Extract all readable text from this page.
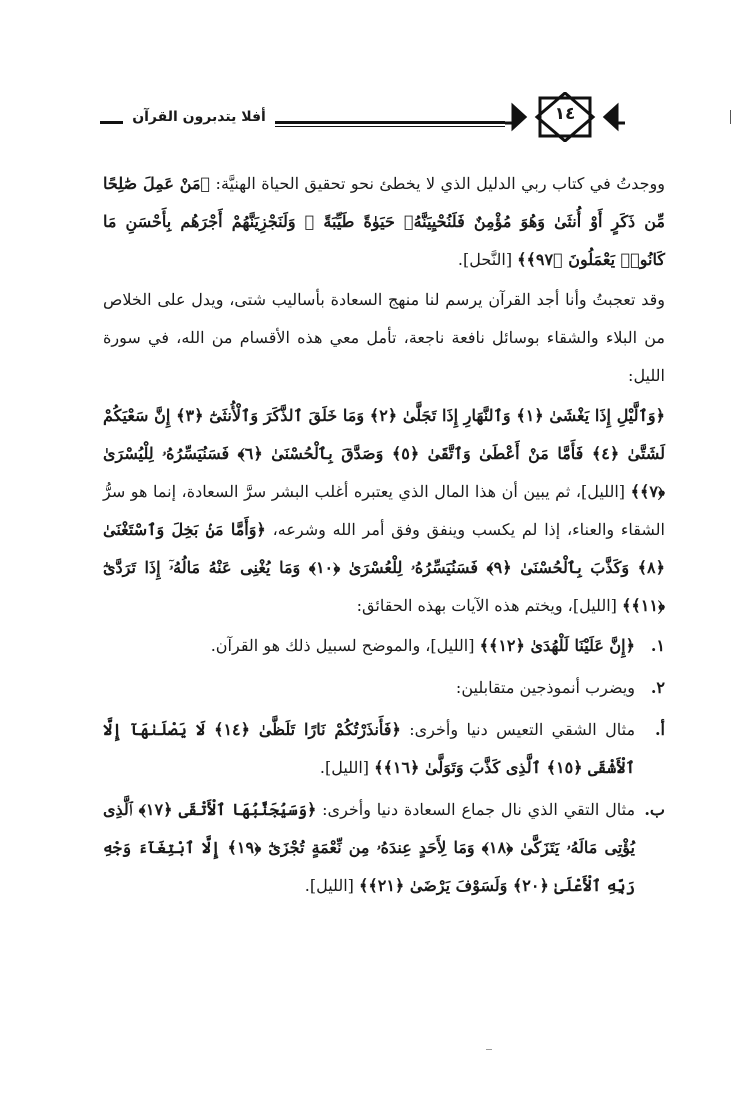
أفلا يتدبرون القرآن	١٤

ووجدتُ في كتاب ربي الدليل الذي لا يخطئ نحو تحقيق الحياة الهنيَّة: ﴿مَنْ عَمِلَ صَٰلِحًا مِّن ذَكَرٍ أَوْ أُنثَىٰ وَهُوَ مُؤْمِنٌ فَلَنُحْيِيَنَّهُۥ حَيَوٰةً طَيِّبَةً ۖ وَلَنَجْزِيَنَّهُمْ أَجْرَهُم بِأَحْسَنِ مَا كَانُوا۟ يَعْمَلُونَ ﴿٩٧﴾﴾ [النَّحل].

وقد تعجبتُ وأنا أجد القرآن يرسم لنا منهج السعادة بأساليب شتى، ويدل على الخلاص من البلاء والشقاء بوسائل نافعة ناجعة، تأمل معي هذه الأقسام من الله، في سورة الليل:

﴿وَٱلَّيْلِ إِذَا يَغْشَىٰ ﴿١﴾ وَٱلنَّهَارِ إِذَا تَجَلَّىٰ ﴿٢﴾ وَمَا خَلَقَ ٱلذَّكَرَ وَٱلْأُنثَىٰٓ ﴿٣﴾ إِنَّ سَعْيَكُمْ لَشَتَّىٰ ﴿٤﴾ فَأَمَّا مَنْ أَعْطَىٰ وَٱتَّقَىٰ ﴿٥﴾ وَصَدَّقَ بِٱلْحُسْنَىٰ ﴿٦﴾ فَسَنُيَسِّرُهُۥ لِلْيُسْرَىٰ ﴿٧﴾﴾ [الليل]، ثم يبين أن هذا المال الذي يعتبره أغلب البشر سرَّ السعادة، إنما هو سرُّ الشقاء والعناء، إذا لم يكسب وينفق وفق أمر الله وشرعه، ﴿وَأَمَّا مَنۢ بَخِلَ وَٱسْتَغْنَىٰ ﴿٨﴾ وَكَذَّبَ بِٱلْحُسْنَىٰ ﴿٩﴾ فَسَنُيَسِّرُهُۥ لِلْعُسْرَىٰ ﴿١٠﴾ وَمَا يُغْنِى عَنْهُ مَالُهُۥٓ إِذَا تَرَدَّىٰٓ ﴿١١﴾﴾ [الليل]، ويختم هذه الآيات بهذه الحقائق:

١.
﴿إِنَّ عَلَيْنَا لَلْهُدَىٰ ﴿١٢﴾﴾ [الليل]، والموضح لسبيل ذلك هو القرآن.
٢.
ويضرب أنموذجين متقابلين:
أ.
مثال الشقي التعيس دنيا وأخرى: ﴿فَأَنذَرْتُكُمْ نَارًا تَلَظَّىٰ ﴿١٤﴾ لَا يَصْلَىٰهَآ إِلَّا ٱلْأَشْقَى ﴿١٥﴾ ٱلَّذِى كَذَّبَ وَتَوَلَّىٰ ﴿١٦﴾﴾ [الليل].
ب.
مثال التقي الذي نال جماع السعادة دنيا وأخرى: ﴿وَسَيُجَنَّبُهَا ٱلْأَتْقَى ﴿١٧﴾ ٱلَّذِى يُؤْتِى مَالَهُۥ يَتَزَكَّىٰ ﴿١٨﴾ وَمَا لِأَحَدٍ عِندَهُۥ مِن نِّعْمَةٍ تُجْزَىٰٓ ﴿١٩﴾ إِلَّا ٱبْتِغَآءَ وَجْهِ رَبِّهِ ٱلْأَعْلَىٰ ﴿٢٠﴾ وَلَسَوْفَ يَرْضَىٰ ﴿٢١﴾﴾ [الليل].
